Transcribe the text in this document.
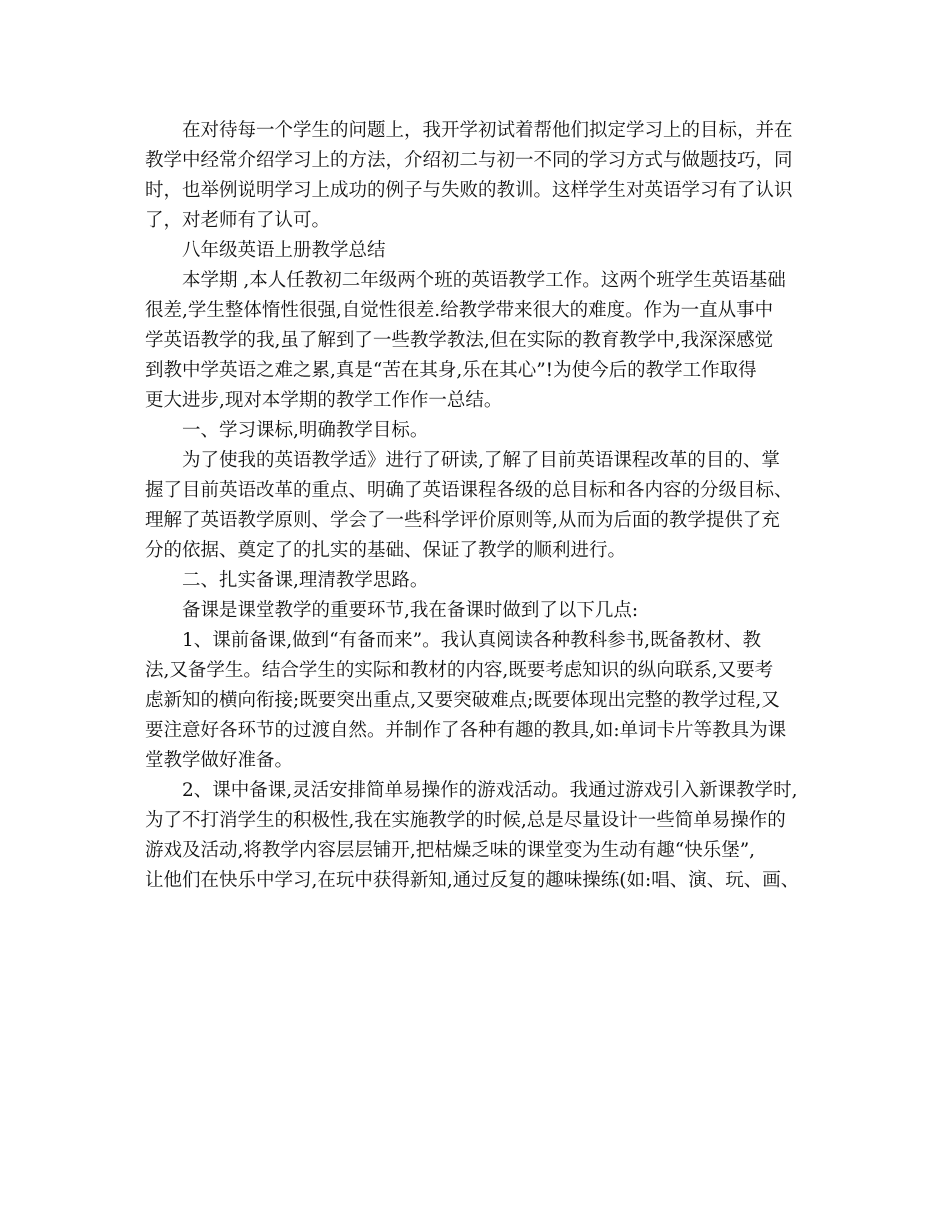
在对待每一个学生的问题上，我开学初试着帮他们拟定学习上的目标，并在
教学中经常介绍学习上的方法，介绍初二与初一不同的学习方式与做题技巧，同
时，也举例说明学习上成功的例子与失败的教训。这样学生对英语学习有了认识
了，对老师有了认可。
八年级英语上册教学总结
本学期 ,本人任教初二年级两个班的英语教学工作。这两个班学生英语基础
很差,学生整体惰性很强,自觉性很差.给教学带来很大的难度。作为一直从事中
学英语教学的我,虽了解到了一些教学教法,但在实际的教育教学中,我深深感觉
到教中学英语之难之累,真是“苦在其身,乐在其心”!为使今后的教学工作取得
更大进步,现对本学期的教学工作作一总结。
一、学习课标,明确教学目标。
为了使我的英语教学适》进行了研读,了解了目前英语课程改革的目的、掌
握了目前英语改革的重点、明确了英语课程各级的总目标和各内容的分级目标、
理解了英语教学原则、学会了一些科学评价原则等,从而为后面的教学提供了充
分的依据、奠定了的扎实的基础、保证了教学的顺利进行。
二、扎实备课,理清教学思路。
备课是课堂教学的重要环节,我在备课时做到了以下几点:
1、课前备课,做到“有备而来”。我认真阅读各种教科参书,既备教材、教
法,又备学生。结合学生的实际和教材的内容,既要考虑知识的纵向联系,又要考
虑新知的横向衔接;既要突出重点,又要突破难点;既要体现出完整的教学过程,又
要注意好各环节的过渡自然。并制作了各种有趣的教具,如:单词卡片等教具为课
堂教学做好准备。
2、课中备课,灵活安排简单易操作的游戏活动。我通过游戏引入新课教学时,
为了不打消学生的积极性,我在实施教学的时候,总是尽量设计一些简单易操作的
游戏及活动,将教学内容层层铺开,把枯燥乏味的课堂变为生动有趣“快乐堡”,
让他们在快乐中学习,在玩中获得新知,通过反复的趣味操练(如:唱、演、玩、画、
